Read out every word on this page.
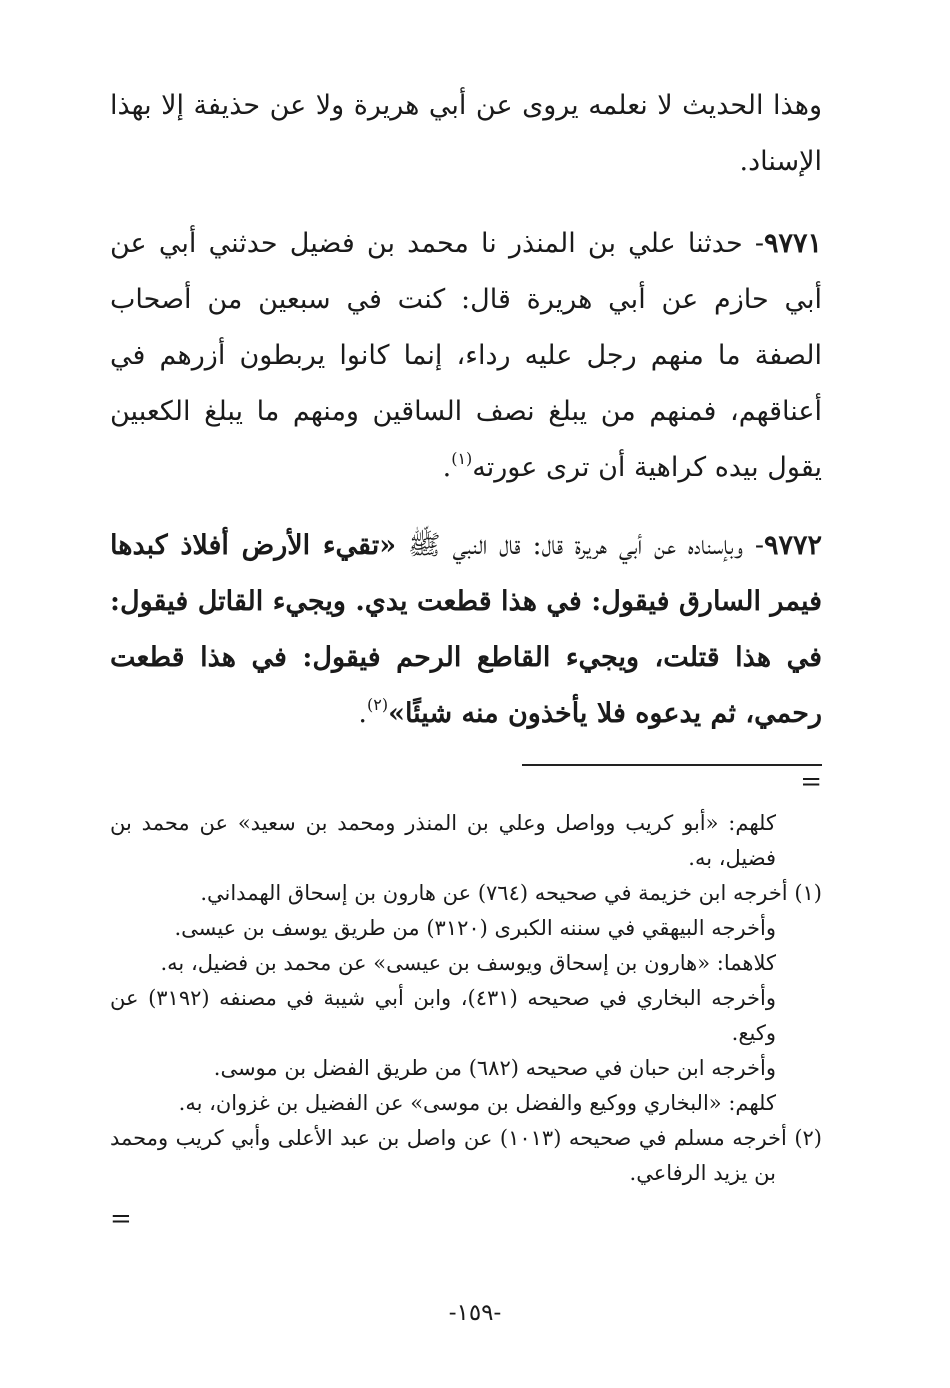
وهذا الحديث لا نعلمه يروى عن أبي هريرة ولا عن حذيفة إلا بهذا الإسناد.

٩٧٧١- حدثنا علي بن المنذر نا محمد بن فضيل حدثني أبي عن أبي حازم عن أبي هريرة قال: كنت في سبعين من أصحاب الصفة ما منهم رجل عليه رداء، إنما كانوا يربطون أزرهم في أعناقهم، فمنهم من يبلغ نصف الساقين ومنهم ما يبلغ الكعبين يقول بيده كراهية أن ترى عورته$^{(١)}$.

٩٧٧٢- وبإسناده عن أبي هريرة قال: قال النبي ﷺ «تقيء الأرض أفلاذ كبدها فيمر السارق فيقول: في هذا قطعت يدي. ويجيء القاتل فيقول: في هذا قتلت، ويجيء القاطع الرحم فيقول: في هذا قطعت رحمي، ثم يدعوه فلا يأخذون منه شيئًا»$^{(٢)}$.

=

كلهم: «أبو كريب وواصل وعلي بن المنذر ومحمد بن سعيد» عن محمد بن فضيل، به.

(١) أخرجه ابن خزيمة في صحيحه (٧٦٤) عن هارون بن إسحاق الهمداني.

وأخرجه البيهقي في سننه الكبرى (٣١٢٠) من طريق يوسف بن عيسى.

كلاهما: «هارون بن إسحاق ويوسف بن عيسى» عن محمد بن فضيل، به.

وأخرجه البخاري في صحيحه (٤٣١)، وابن أبي شيبة في مصنفه (٣١٩٢) عن وكيع.

وأخرجه ابن حبان في صحيحه (٦٨٢) من طريق الفضل بن موسى.

كلهم: «البخاري ووكيع والفضل بن موسى» عن الفضيل بن غزوان، به.

(٢) أخرجه مسلم في صحيحه (١٠١٣) عن واصل بن عبد الأعلى وأبي كريب ومحمد بن يزيد الرفاعي.

=
-١٥٩-
